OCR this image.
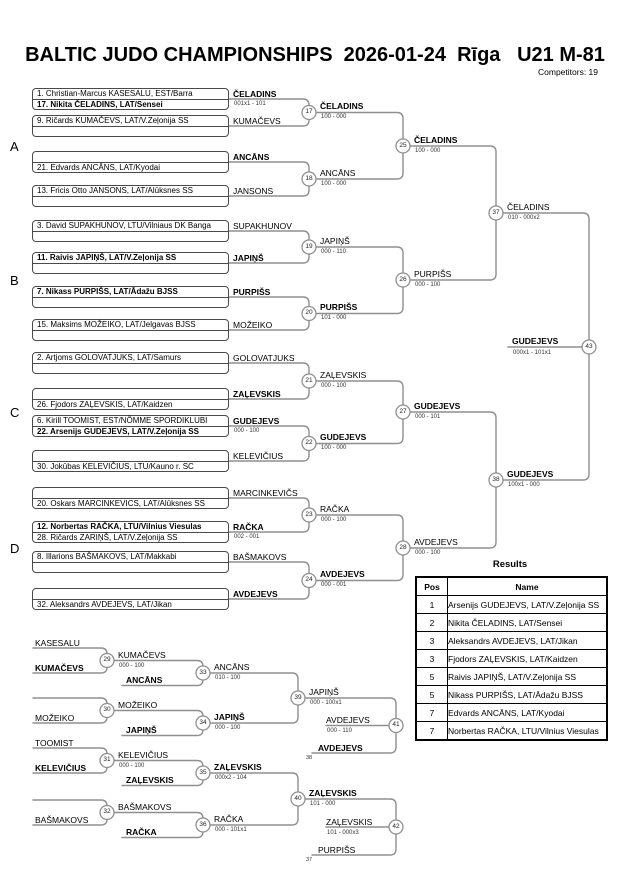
BALTIC JUDO CHAMPIONSHIPS  2026-01-24  Rīga   U21 M-81
Competitors: 19
A
B
C
D
1. Christian-Marcus KASESALU, EST/Barra
17. Nikita ČELADINS, LAT/Sensei
9. Ričards KUMAČEVS, LAT/V.Zeļonija SS
21. Edvards ANCĀNS, LAT/Kyodai
13. Fricis Otto JANSONS, LAT/Alūksnes SS
3. David SUPAKHUNOV, LTU/Vilniaus DK Banga
11. Raivis JAPIŅŠ, LAT/V.Zeļonija SS
7. Nikass PURPIŠS, LAT/Ādažu BJSS
15. Maksims MOŽEIKO, LAT/Jelgavas BJSS
2. Artjoms GOLOVATJUKS, LAT/Samurs
26. Fjodors ZAĻEVSKIS, LAT/Kaidzen
6. Kirill TOOMIST, EST/NÕMME SPORDIKLUBI
22. Arsenijs GUDEJEVS, LAT/V.Zeļonija SS
30. Jokūbas KELEVIČIUS, LTU/Kauno r. SC
20. Oskars MARCINKEVICS, LAT/Alūksnes SS
12. Norbertas RAČKA, LTU/Vilnius Viesulas
28. Ričards ZARIŅŠ, LAT/V.Zeļonija SS
8. Illarions BAŠMAKOVS, LAT/Makkabi
32. Aleksandrs AVDEJEVS, LAT/Jikan
ČELADINS
KUMAČEVS
ANCĀNS
JANSONS
SUPAKHUNOV
JAPIŅŠ
PURPIŠS
MOŽEIKO
GOLOVATJUKS
ZAĻEVSKIS
GUDEJEVS
KELEVIČIUS
MARCINKEVIČS
RAČKA
BAŠMAKOVS
AVDEJEVS
001x1 - 101
000 - 100
002 - 001
17
18
19
20
21
22
23
24
ČELADINS
ANCĀNS
JAPIŅŠ
PURPIŠS
ZAĻEVSKIS
GUDEJEVS
RAČKA
AVDEJEVS
100 - 000
100 - 000
000 - 110
101 - 000
000 - 100
100 - 000
000 - 100
000 - 001
25
26
27
28
ČELADINS
PURPIŠS
GUDEJEVS
AVDEJEVS
100 - 000
000 - 100
000 - 101
000 - 100
37
38
ČELADINS
GUDEJEVS
010 - 000x2
100x1 - 000
43
GUDEJEVS
000x1 - 101x1
KASESALU
KUMAČEVS
MOŽEIKO
TOOMIST
KELEVIČIUS
BAŠMAKOVS
29
30
31
32
KUMAČEVS
MOŽEIKO
KELEVIČIUS
BAŠMAKOVS
000 - 100
000 - 100
ANCĀNS
JAPIŅŠ
ZAĻEVSKIS
RAČKA
33
34
35
36
ANCĀNS
JAPIŅŠ
ZAĻEVSKIS
RAČKA
010 - 100
000 - 100
000x2 - 104
000 - 101x1
39
40
JAPIŅŠ
ZAĻEVSKIS
000 - 100x1
101 - 000
AVDEJEVS
PURPIŠS
38
37
41
42
AVDEJEVS
ZAĻEVSKIS
000 - 110
101 - 000x3
Results
Pos	Name
1	Arsenijs GUDEJEVS, LAT/V.Zeļonija SS
2	Nikita ČELADINS, LAT/Sensei
3	Aleksandrs AVDEJEVS, LAT/Jikan
3	Fjodors ZAĻEVSKIS, LAT/Kaidzen
5	Raivis JAPIŅŠ, LAT/V.Zeļonija SS
5	Nikass PURPIŠS, LAT/Ādažu BJSS
7	Edvards ANCĀNS, LAT/Kyodai
7	Norbertas RAČKA, LTU/Vilnius Viesulas
